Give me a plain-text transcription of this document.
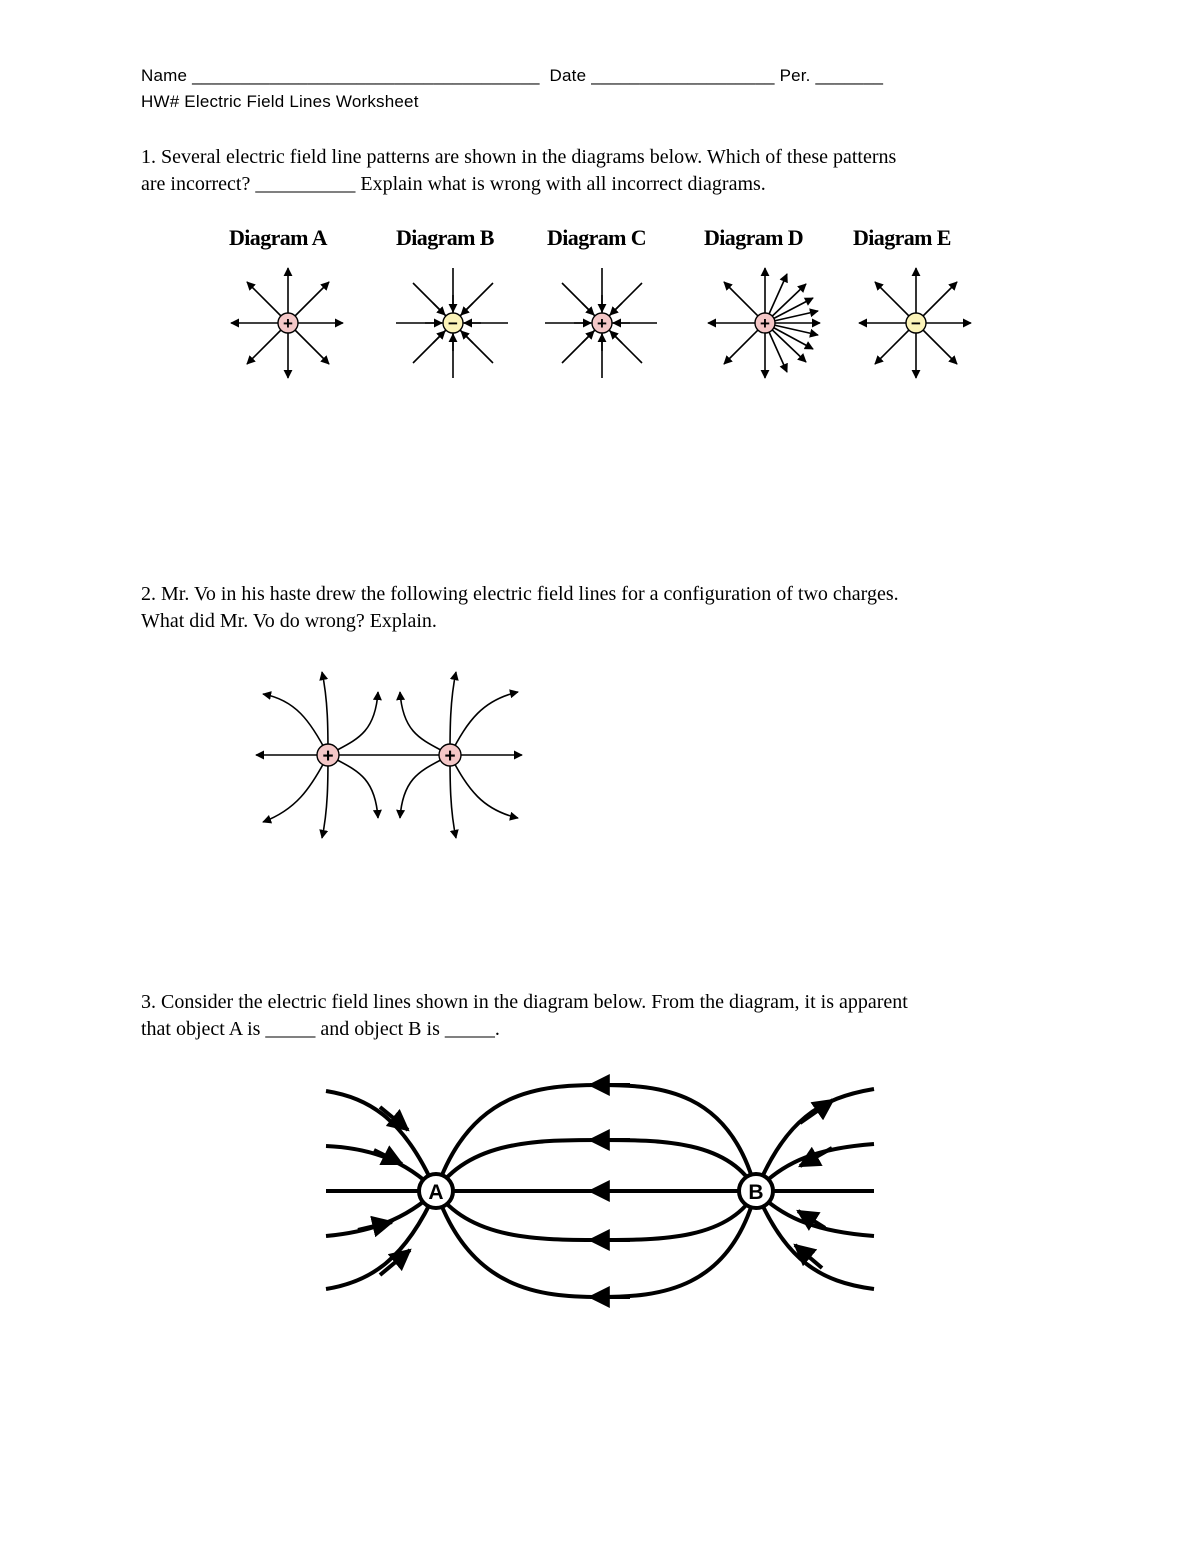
Name ____________________________________ Date ___________________ Per. _______
HW# Electric Field Lines Worksheet
1. Several electric field line patterns are shown in the diagrams below. Which of these patterns
are incorrect? __________ Explain what is wrong with all incorrect diagrams.
Diagram A	Diagram B Diagram C	Diagram D Diagram E
+	−	+	+	−
+	+
A	B
2. Mr. Vo in his haste drew the following electric field lines for a configuration of two charges.
What did Mr. Vo do wrong? Explain.
3. Consider the electric field lines shown in the diagram below. From the diagram, it is apparent
that object A is _____ and object B is _____.
